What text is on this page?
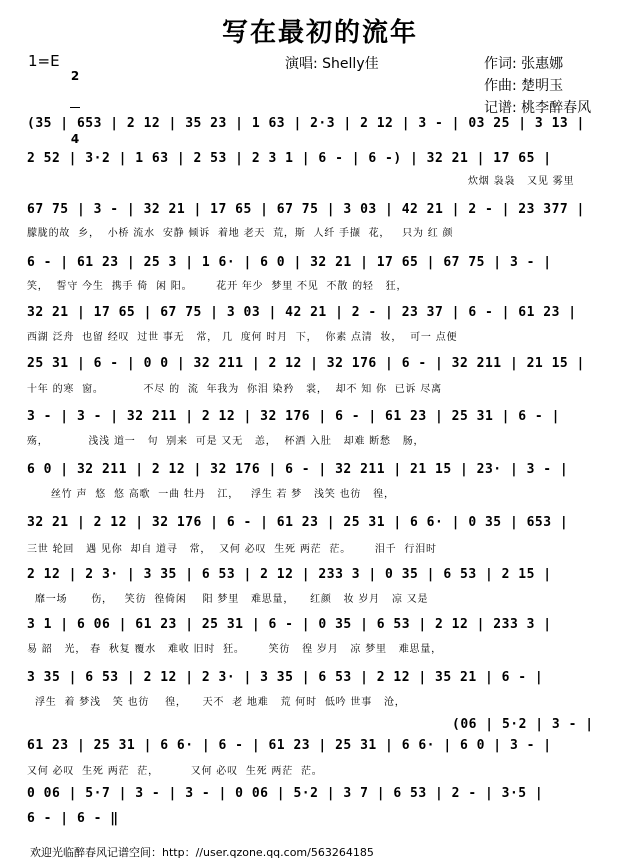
写在最初的流年
1=E

2

4

演唱: Shelly佳	作词: 张惠娜
作曲: 楚明玉
记谱: 桃李醉春风
(35 | 653 | 2 12 | 35 23 | 1 63 | 2·3 | 2 12 | 3 - | 03 25 | 3 13 |
2 52 | 3·2 | 1 63 | 2 53 | 2 3 1 | 6 - | 6 -) | 32 21 | 17 65 |
炊烟 袅袅   又见 雾里
67 75 | 3 - | 32 21 | 17 65 | 67 75 | 3 03 | 42 21 | 2 - | 23 377 |
朦胧的故  乡，  小桥 流水  安静 倾诉  着地 老天  荒，斯  人纤 手撷  花，   只为 红 颜
6 - | 61 23 | 25 3 | 1 6· | 6 0 | 32 21 | 17 65 | 67 75 | 3 - |
笑，  誓守 今生  携手 倚  闲 阳。      花开 年少  梦里 不见  不散 的轻   狂，
32 21 | 17 65 | 67 75 | 3 03 | 42 21 | 2 - | 23 37 | 6 - | 61 23 |
西湖 泛舟  也留 经叹  过世 事无   常， 几  度何 时月  下，  你素 点清  妆，  可一 点便
25 31 | 6 - | 0 0 | 32 211 | 2 12 | 32 176 | 6 - | 32 211 | 21 15 |
十年 的寒  窗。          不尽 的  流  年我为  你泪 染矜   裳，  却不 知 你  已诉 尽离
3 - | 3 - | 32 211 | 2 12 | 32 176 | 6 - | 61 23 | 25 31 | 6 - |
殇，          浅浅 道一   句  别来  可是 又无   恙，  杯酒 入肚   却难 断愁   肠，
6 0 | 32 211 | 2 12 | 32 176 | 6 - | 32 211 | 21 15 | 23· | 3 - |
丝竹 声  悠  悠 高歌  一曲 牡丹   江，   浮生 若 梦   浅笑 也彷   徨，
32 21 | 2 12 | 32 176 | 6 - | 61 23 | 25 31 | 6 6· | 0 35 | 653 |
三世 轮回   遇 见你  却自 道寻   常，  又何 必叹  生死 两茫  茫。      泪千  行泪时
2 12 | 2 3· | 3 35 | 6 53 | 2 12 | 233 3 | 0 35 | 6 53 | 2 15 |
靡一场      伤，   笑彷  徨倚闲    阳 梦里   难思量，    红颜   妆 岁月   凉 又是
3 1 | 6 06 | 61 23 | 25 31 | 6 - | 0 35 | 6 53 | 2 12 | 233 3 |
易 韶   光， 春  秋复 覆水   难收 旧时  狂。      笑彷   徨 岁月   凉 梦里   难思量，
3 35 | 6 53 | 2 12 | 2 3· | 3 35 | 6 53 | 2 12 | 35 21 | 6 - |
浮生  着 梦浅   笑 也彷    徨，    天不  老 地难   荒 何时  低吟 世事   沧，
(06 | 5·2 | 3 - |
61 23 | 25 31 | 6 6· | 6 - | 61 23 | 25 31 | 6 6· | 6 0 | 3 - |
又何 必叹  生死 两茫  茫，        又何 必叹  生死 两茫  茫。
0 06 | 5·7 | 3 - | 3 - | 0 06 | 5·2 | 3 7 | 6 53 | 2 - | 3·5 |
6 - | 6 - ‖
欢迎光临醉春风记谱空间：http：//user.qzone.qq.com/563264185
